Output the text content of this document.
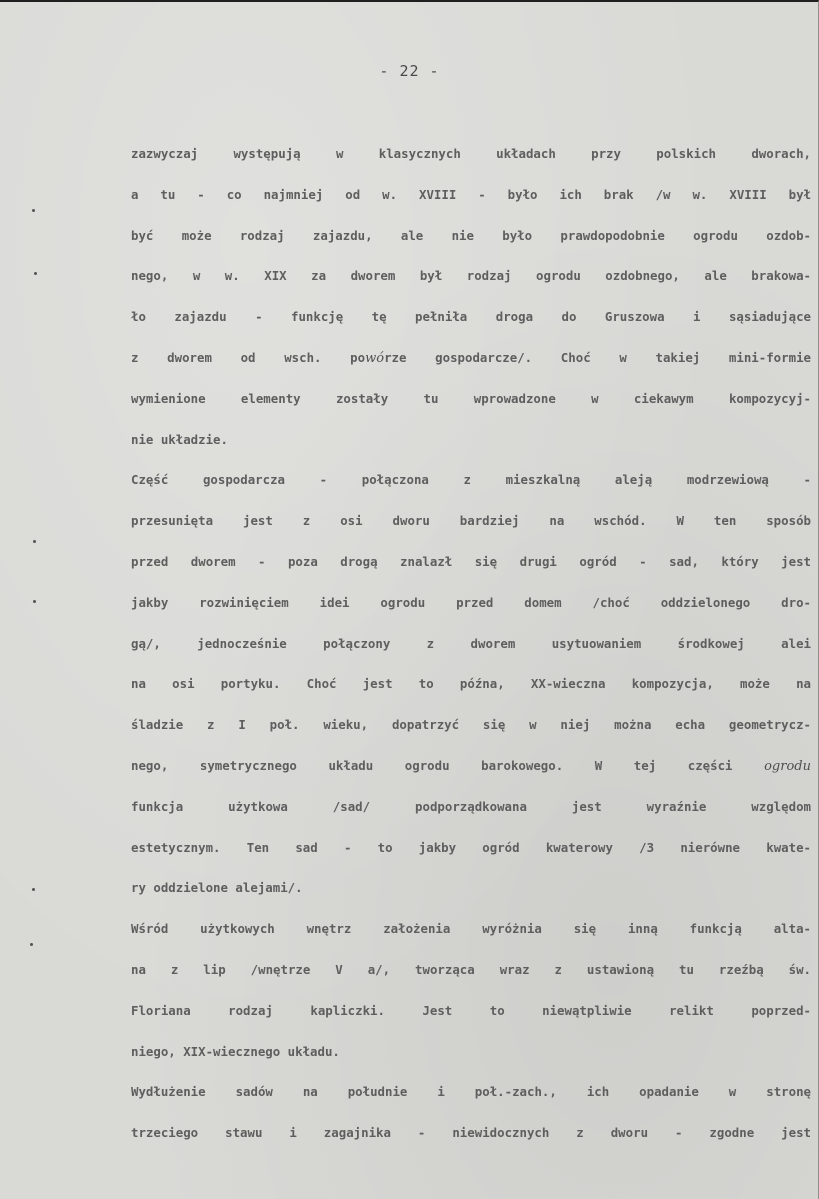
- 22 -
zazwyczaj występują w klasycznych układach przy polskich dworach,
a tu - co najmniej od w. XVIII - było ich brak /w w. XVIII był
być może rodzaj zajazdu, ale nie było prawdopodobnie ogrodu ozdob-
nego, w w. XIX za dworem był rodzaj ogrodu ozdobnego, ale brakowa-
ło zajazdu - funkcję tę pełniła droga do Gruszowa i sąsiadujące
z dworem od wsch. powórze gospodarcze/. Choć w takiej mini-formie
wymienione elementy zostały tu wprowadzone w ciekawym kompozycyj-
nie układzie.
Część gospodarcza - połączona z mieszkalną aleją modrzewiową -
przesunięta jest z osi dworu bardziej na wschód. W ten sposób
przed dworem - poza drogą znalazł się drugi ogród - sad, który jest
jakby rozwinięciem idei ogrodu przed domem /choć oddzielonego dro-
gą/, jednocześnie połączony z dworem usytuowaniem środkowej alei
na osi portyku. Choć jest to późna, XX-wieczna kompozycja, może na
śladzie z I poł. wieku, dopatrzyć się w niej można echa geometrycz-
nego, symetrycznego układu ogrodu barokowego. W tej części ogrodu
funkcja użytkowa /sad/ podporządkowana jest wyraźnie względom
estetycznym. Ten sad - to jakby ogród kwaterowy /3 nierówne kwate-
ry oddzielone alejami/.
Wśród użytkowych wnętrz założenia wyróżnia się inną funkcją alta-
na z lip /wnętrze V a/, tworząca wraz z ustawioną tu rzeźbą św.
Floriana rodzaj kapliczki. Jest to niewątpliwie relikt poprzed-
niego, XIX-wiecznego układu.
Wydłużenie sadów na południe i poł.-zach., ich opadanie w stronę
trzeciego stawu i zagajnika - niewidocznych z dworu - zgodne jest
